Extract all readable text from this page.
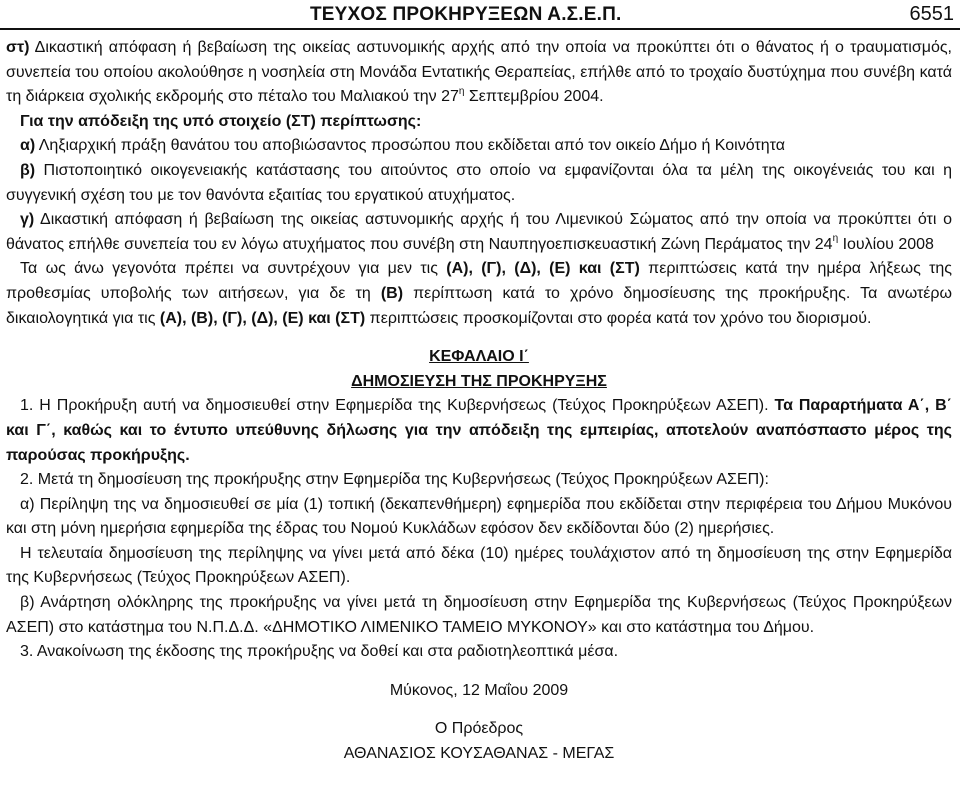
ΤΕΥΧΟΣ ΠΡΟΚΗΡΥΞΕΩΝ Α.Σ.Ε.Π.	6551

στ) Δικαστική απόφαση ή βεβαίωση της οικείας αστυνομικής αρχής από την οποία να προκύπτει ότι ο θάνατος ή ο τραυματισμός, συνεπεία του οποίου ακολούθησε η νοσηλεία στη Μονάδα Εντατικής Θεραπείας, επήλθε από το τροχαίο δυστύχημα που συνέβη κατά τη διάρκεια σχολικής εκδρομής στο πέταλο του Μαλιακού την $27^\eta$ Σεπτεμβρίου 2004.

Για την απόδειξη της υπό στοιχείο (ΣΤ) περίπτωσης:

α) Ληξιαρχική πράξη θανάτου του αποβιώσαντος προσώπου που εκδίδεται από τον οικείο Δήμο ή Κοινότητα

β) Πιστοποιητικό οικογενειακής κατάστασης του αιτούντος στο οποίο να εμφανίζονται όλα τα μέλη της οικογένειάς του και η συγγενική σχέση του με τον θανόντα εξαιτίας του εργατικού ατυχήματος.

γ) Δικαστική απόφαση ή βεβαίωση της οικείας αστυνομικής αρχής ή του Λιμενικού Σώματος από την οποία να προκύπτει ότι ο θάνατος επήλθε συνεπεία του εν λόγω ατυχήματος που συνέβη στη Ναυπηγοεπισκευαστική Ζώνη Περάματος την $24^\eta$ Ιουλίου 2008

Τα ως άνω γεγονότα πρέπει να συντρέχουν για μεν τις (Α), (Γ), (Δ), (Ε) και (ΣΤ) περιπτώσεις κατά την ημέρα λήξεως της προθεσμίας υποβολής των αιτήσεων, για δε τη (Β) περίπτωση κατά το χρόνο δημοσίευσης της προκήρυξης. Τα ανωτέρω δικαιολογητικά για τις (Α), (Β), (Γ), (Δ), (Ε) και (ΣΤ) περιπτώσεις προσκομίζονται στο φορέα κατά τον χρόνο του διορισμού.

ΚΕΦΑΛΑΙΟ Ι΄

ΔΗΜΟΣΙΕΥΣΗ ΤΗΣ ΠΡΟΚΗΡΥΞΗΣ

1. Η Προκήρυξη αυτή να δημοσιευθεί στην Εφημερίδα της Κυβερνήσεως (Τεύχος Προκηρύξεων ΑΣΕΠ). Τα Παραρτήματα Α΄, Β΄ και Γ΄, καθώς και το έντυπο υπεύθυνης δήλωσης για την απόδειξη της εμπειρίας, αποτελούν αναπόσπαστο μέρος της παρούσας προκήρυξης.

2. Μετά τη δημοσίευση της προκήρυξης στην Εφημερίδα της Κυβερνήσεως (Τεύχος Προκηρύξεων ΑΣΕΠ):

α) Περίληψη της να δημοσιευθεί σε μία (1) τοπική (δεκαπενθήμερη) εφημερίδα που εκδίδεται στην περιφέρεια του Δήμου Μυκόνου και στη μόνη ημερήσια εφημερίδα της έδρας του Νομού Κυκλάδων εφόσον δεν εκδίδονται δύο (2) ημερήσιες.

Η τελευταία δημοσίευση της περίληψης να γίνει μετά από δέκα (10) ημέρες τουλάχιστον από τη δημοσίευση της στην Εφημερίδα της Κυβερνήσεως (Τεύχος Προκηρύξεων ΑΣΕΠ).

β) Ανάρτηση ολόκληρης της προκήρυξης να γίνει μετά τη δημοσίευση στην Εφημερίδα της Κυβερνήσεως (Τεύχος Προκηρύξεων ΑΣΕΠ) στο κατάστημα του Ν.Π.Δ.Δ. «ΔΗΜΟΤΙΚΟ ΛΙΜΕΝΙΚΟ ΤΑΜΕΙΟ ΜΥΚΟΝΟΥ» και στο κατάστημα του Δήμου.

3. Ανακοίνωση της έκδοσης της προκήρυξης να δοθεί και στα ραδιοτηλεοπτικά μέσα.

Μύκονος, 12 Μαΐου 2009

Ο Πρόεδρος

ΑΘΑΝΑΣΙΟΣ ΚΟΥΣΑΘΑΝΑΣ - ΜΕΓΑΣ
